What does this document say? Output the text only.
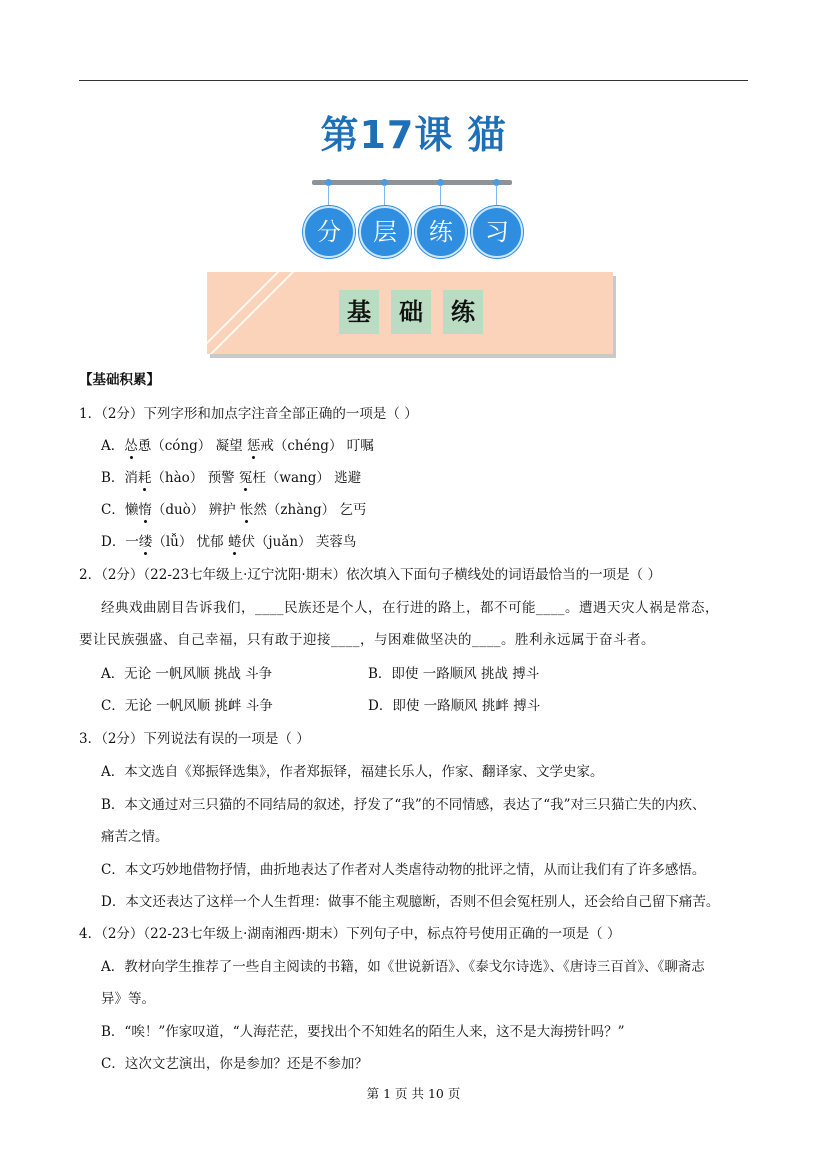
第17课 猫
分	层	练	习
基	础	练
【基础积累】
1．（2分）下列字形和加点字注音全部正确的一项是（ ）
A．怂恿（cóng） 凝望 惩戒（chéng） 叮嘱
B．消耗（hào） 预警 冤枉（wang） 逃避
C．懒惰（duò） 辨护 怅然（zhàng） 乞丐
D．一缕（lǚ） 忧郁 蜷伏（juǎn） 芙蓉鸟
2．（2分）（22-23七年级上·辽宁沈阳·期末）依次填入下面句子横线处的词语最恰当的一项是（ ）
经典戏曲剧目告诉我们，____民族还是个人，在行进的路上，都不可能____。遭遇天灾人祸是常态，
要让民族强盛、自己幸福，只有敢于迎接____，与困难做坚决的____。胜利永远属于奋斗者。
A．无论 一帆风顺 挑战 斗争	B．即使 一路顺风 挑战 搏斗
C．无论 一帆风顺 挑衅 斗争	D．即使 一路顺风 挑衅 搏斗
3．（2分）下列说法有误的一项是（ ）
A．本文选自《郑振铎选集》，作者郑振铎，福建长乐人，作家、翻译家、文学史家。
B．本文通过对三只猫的不同结局的叙述，抒发了“我”的不同情感，表达了“我”对三只猫亡失的内疚、
痛苦之情。
C．本文巧妙地借物抒情，曲折地表达了作者对人类虐待动物的批评之情，从而让我们有了许多感悟。
D．本文还表达了这样一个人生哲理：做事不能主观臆断，否则不但会冤枉别人，还会给自己留下痛苦。
4．（2分）（22-23七年级上·湖南湘西·期末）下列句子中，标点符号使用正确的一项是（ ）
A．教材向学生推荐了一些自主阅读的书籍，如《世说新语》、《泰戈尔诗选》、《唐诗三百首》、《聊斋志
异》等。
B．“唉！”作家叹道，“人海茫茫，要找出个不知姓名的陌生人来，这不是大海捞针吗？”
C．这次文艺演出，你是参加？还是不参加？
第 1 页 共 10 页
